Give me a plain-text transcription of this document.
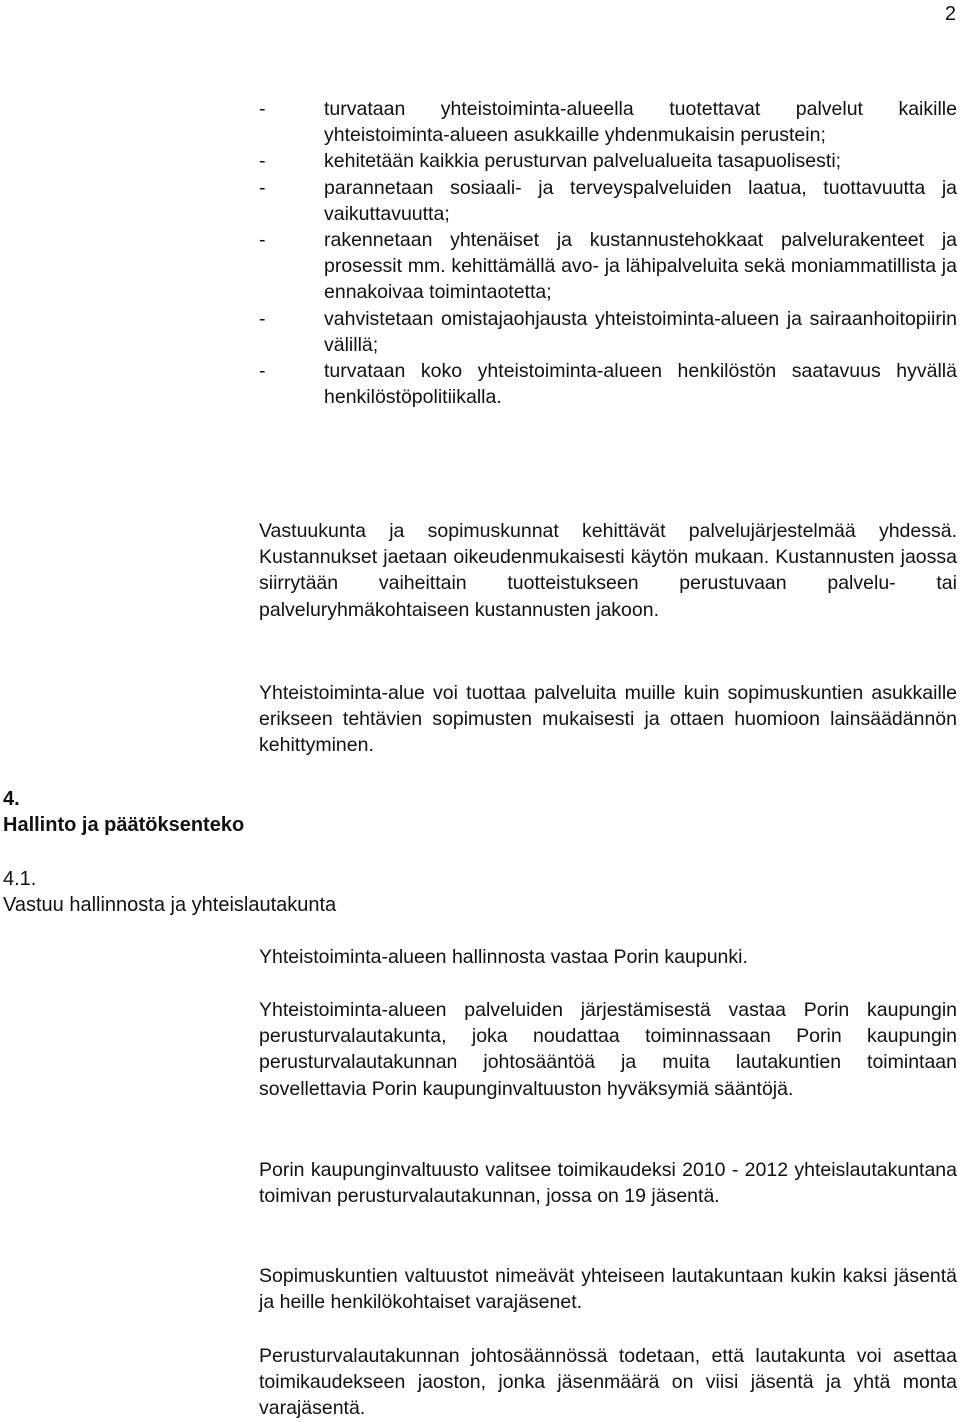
2
-	turvataan yhteistoiminta-alueella tuotettavat palvelut kaikille yhteistoiminta-alueen asukkaille yhdenmukaisin perustein;
-	kehitetään kaikkia perusturvan palvelualueita tasapuolisesti;
-	parannetaan sosiaali- ja terveyspalveluiden laatua, tuottavuutta ja vaikuttavuutta;
-	rakennetaan yhtenäiset ja kustannustehokkaat palvelurakenteet ja prosessit mm. kehittämällä avo- ja lähipalveluita sekä moniammatillista ja ennakoivaa toimintaotetta;
-	vahvistetaan omistajaohjausta yhteistoiminta-alueen ja sairaanhoitopiirin välillä;
-	turvataan koko yhteistoiminta-alueen henkilöstön saatavuus hyvällä henkilöstöpolitiikalla.

Vastuukunta ja sopimuskunnat kehittävät palvelujärjestelmää yhdessä. Kustannukset jaetaan oikeudenmukaisesti käytön mukaan. Kustannusten jaossa siirrytään vaiheittain tuotteistukseen perustuvaan palvelu- tai palveluryhmäkohtaiseen kustannusten jakoon.

Yhteistoiminta-alue voi tuottaa palveluita muille kuin sopimuskuntien asukkaille erikseen tehtävien sopimusten mukaisesti ja ottaen huomioon lainsäädännön kehittyminen.

4.
Hallinto ja päätöksenteko
4.1.
Vastuu hallinnosta ja yhteislautakunta

Yhteistoiminta-alueen hallinnosta vastaa Porin kaupunki.

Yhteistoiminta-alueen palveluiden järjestämisestä vastaa Porin kaupungin perusturvalautakunta, joka noudattaa toiminnassaan Porin kaupungin perusturvalautakunnan johtosääntöä ja muita lautakuntien toimintaan sovellettavia Porin kaupunginvaltuuston hyväksymiä sääntöjä.

Porin kaupunginvaltuusto valitsee toimikaudeksi 2010 - 2012 yhteislautakuntana toimivan perusturvalautakunnan, jossa on 19 jäsentä.

Sopimuskuntien valtuustot nimeävät yhteiseen lautakuntaan kukin kaksi jäsentä ja heille henkilökohtaiset varajäsenet.

Perusturvalautakunnan johtosäännössä todetaan, että lautakunta voi asettaa toimikaudekseen jaoston, jonka jäsenmäärä on viisi jäsentä ja yhtä monta varajäsentä.
